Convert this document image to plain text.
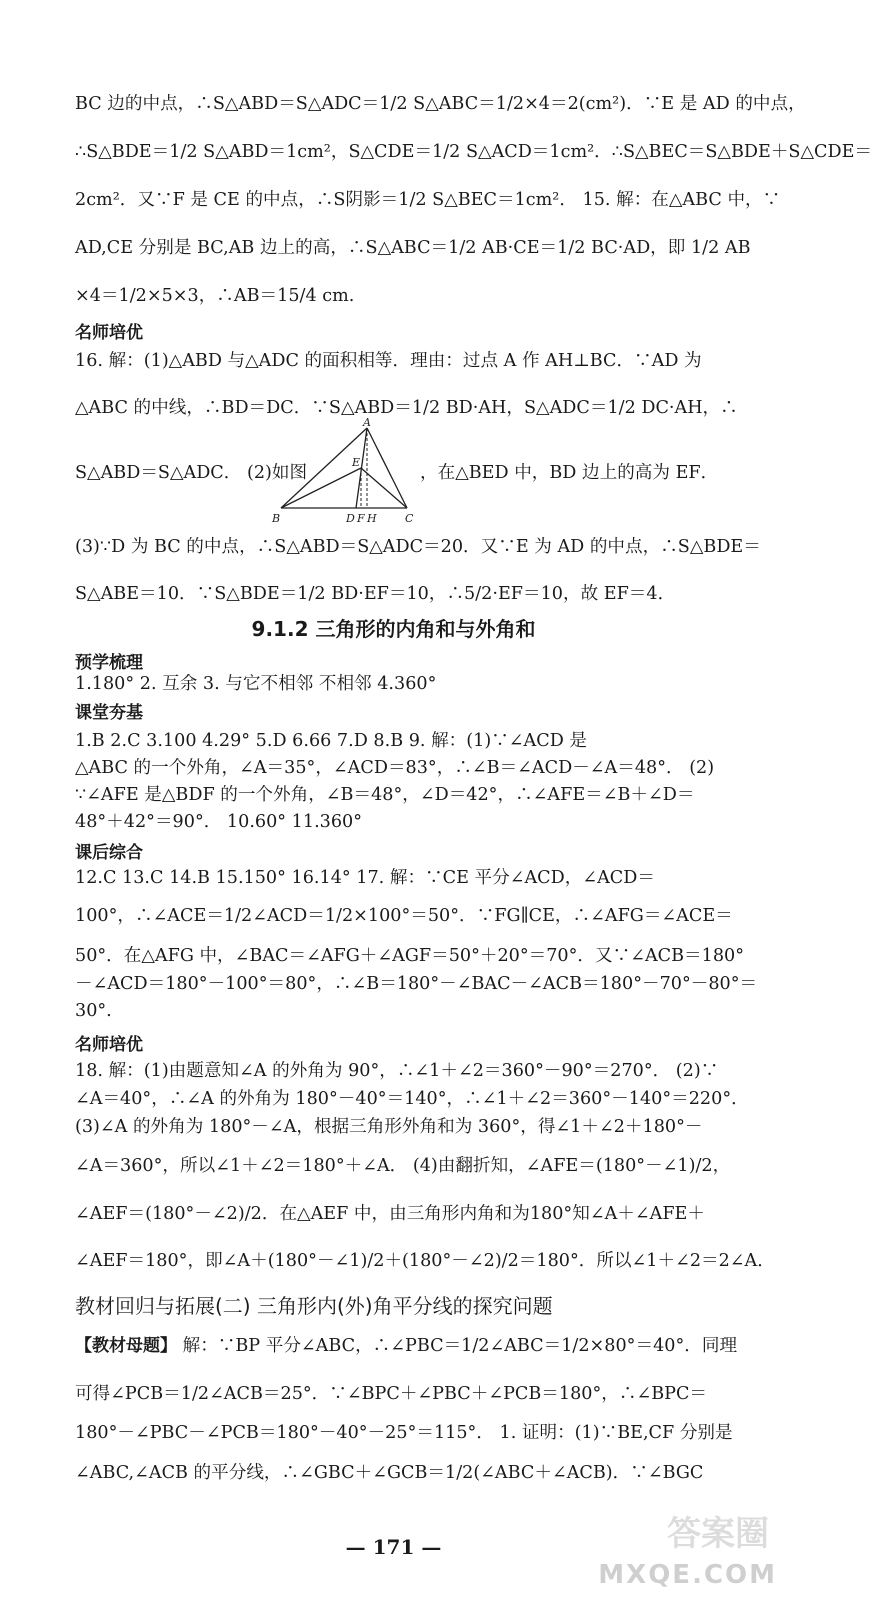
BC 边的中点，∴S△ABD＝S△ADC＝1/2 S△ABC＝1/2×4＝2(cm²)．∵E 是 AD 的中点，
∴S△BDE＝1/2 S△ABD＝1cm²，S△CDE＝1/2 S△ACD＝1cm²．∴S△BEC＝S△BDE＋S△CDE＝
2cm²．又∵F 是 CE 的中点，∴S阴影＝1/2 S△BEC＝1cm²． 15. 解：在△ABC 中，∵
AD,CE 分别是 BC,AB 边上的高，∴S△ABC＝1/2 AB·CE＝1/2 BC·AD，即 1/2 AB
×4＝1/2×5×3，∴AB＝15/4 cm.
名师培优
16. 解：(1)△ABD 与△ADC 的面积相等．理由：过点 A 作 AH⊥BC．∵AD 为
△ABC 的中线，∴BD＝DC．∵S△ABD＝1/2 BD·AH，S△ADC＝1/2 DC·AH，∴
S△ABD＝S△ADC． (2)如图
A
B	C
D
E
F H
，在△BED 中，BD 边上的高为 EF．
(3)∵D 为 BC 的中点，∴S△ABD＝S△ADC＝20．又∵E 为 AD 的中点，∴S△BDE＝
S△ABE＝10．∵S△BDE＝1/2 BD·EF＝10，∴5/2·EF＝10，故 EF＝4．
9.1.2 三角形的内角和与外角和
预学梳理
1.180° 2. 互余 3. 与它不相邻 不相邻 4.360°
课堂夯基
1.B 2.C 3.100 4.29° 5.D 6.66 7.D 8.B 9. 解：(1)∵∠ACD 是
△ABC 的一个外角，∠A＝35°，∠ACD＝83°，∴∠B＝∠ACD－∠A＝48°． (2)
∵∠AFE 是△BDF 的一个外角，∠B＝48°，∠D＝42°，∴∠AFE＝∠B＋∠D＝
48°＋42°＝90°． 10.60° 11.360°
课后综合
12.C 13.C 14.B 15.150° 16.14° 17. 解：∵CE 平分∠ACD，∠ACD＝
100°，∴∠ACE＝1/2∠ACD＝1/2×100°＝50°．∵FG∥CE，∴∠AFG＝∠ACE＝
50°．在△AFG 中，∠BAC＝∠AFG＋∠AGF＝50°＋20°＝70°．又∵∠ACB＝180°
－∠ACD＝180°－100°＝80°，∴∠B＝180°－∠BAC－∠ACB＝180°－70°－80°＝
30°.
名师培优
18. 解：(1)由题意知∠A 的外角为 90°，∴∠1＋∠2＝360°－90°＝270°． (2)∵
∠A＝40°，∴∠A 的外角为 180°－40°＝140°，∴∠1＋∠2＝360°－140°＝220°．
(3)∠A 的外角为 180°－∠A，根据三角形外角和为 360°，得∠1＋∠2＋180°－
∠A＝360°，所以∠1＋∠2＝180°＋∠A． (4)由翻折知，∠AFE＝(180°－∠1)/2，
∠AEF＝(180°－∠2)/2．在△AEF 中，由三角形内角和为180°知∠A＋∠AFE＋
∠AEF＝180°，即∠A＋(180°－∠1)/2＋(180°－∠2)/2＝180°．所以∠1＋∠2＝2∠A．
教材回归与拓展(二) 三角形内(外)角平分线的探究问题
【教材母题】 解：∵BP 平分∠ABC，∴∠PBC＝1/2∠ABC＝1/2×80°＝40°．同理
可得∠PCB＝1/2∠ACB＝25°．∵∠BPC＋∠PBC＋∠PCB＝180°，∴∠BPC＝
180°－∠PBC－∠PCB＝180°－40°－25°＝115°． 1. 证明：(1)∵BE,CF 分别是
∠ABC,∠ACB 的平分线，∴∠GBC＋∠GCB＝1/2(∠ABC＋∠ACB)．∵∠BGC
— 171 —	答案圈
MXQE.COM
